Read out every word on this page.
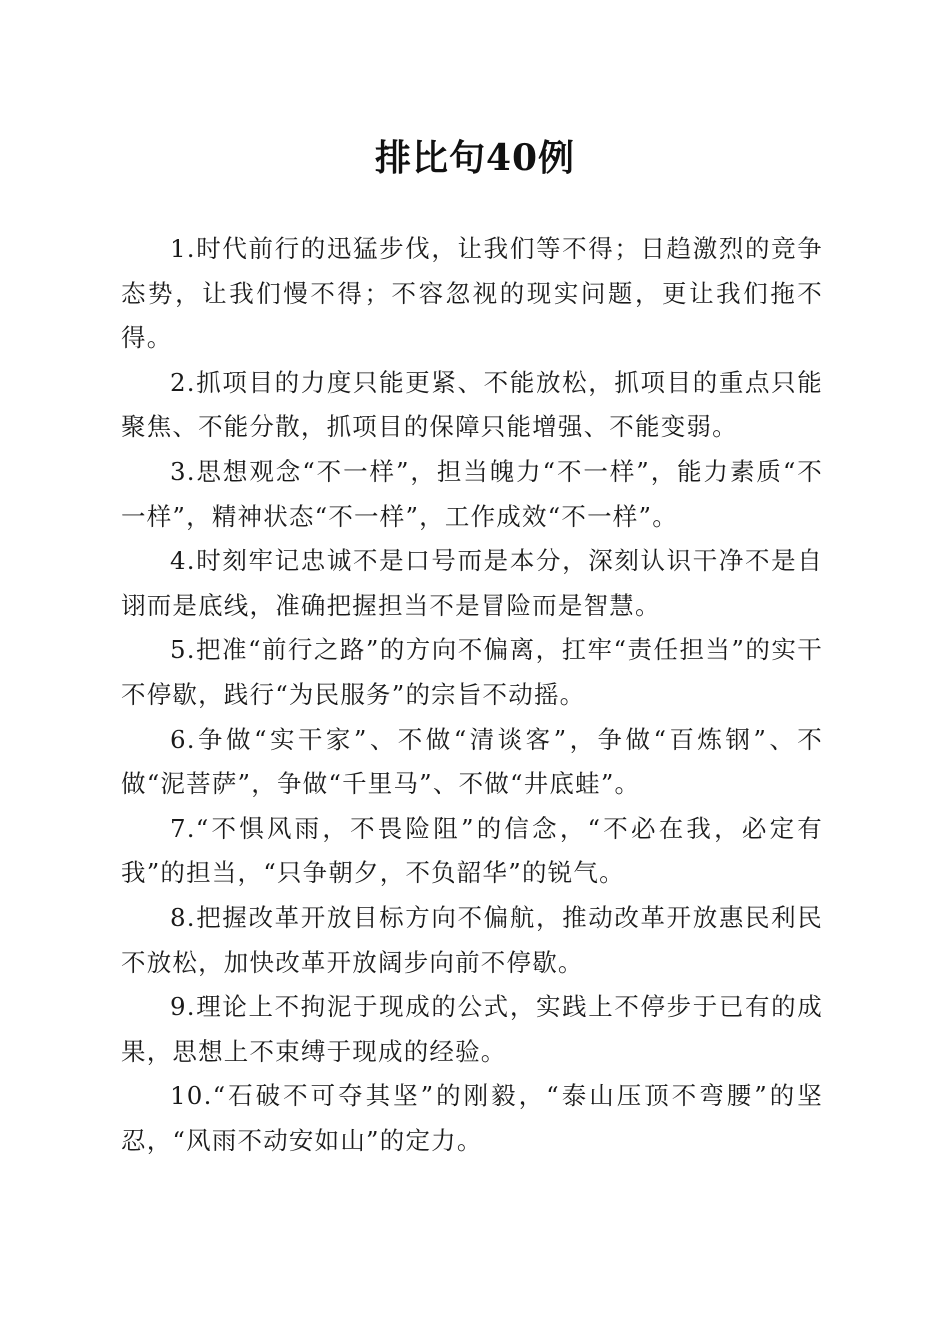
排比句40例

1.时代前行的迅猛步伐，让我们等不得；日趋激烈的竞争态势，让我们慢不得；不容忽视的现实问题，更让我们拖不得。

2.抓项目的力度只能更紧、不能放松，抓项目的重点只能聚焦、不能分散，抓项目的保障只能增强、不能变弱。

3.思想观念“不一样”，担当魄力“不一样”，能力素质“不一样”，精神状态“不一样”，工作成效“不一样”。

4.时刻牢记忠诚不是口号而是本分，深刻认识干净不是自诩而是底线，准确把握担当不是冒险而是智慧。

5.把准“前行之路”的方向不偏离，扛牢“责任担当”的实干不停歇，践行“为民服务”的宗旨不动摇。

6.争做“实干家”、不做“清谈客”，争做“百炼钢”、不做“泥菩萨”，争做“千里马”、不做“井底蛙”。

7.“不惧风雨，不畏险阻”的信念，“不必在我，必定有我”的担当，“只争朝夕，不负韶华”的锐气。

8.把握改革开放目标方向不偏航，推动改革开放惠民利民不放松，加快改革开放阔步向前不停歇。

9.理论上不拘泥于现成的公式，实践上不停步于已有的成果，思想上不束缚于现成的经验。

10.“石破不可夺其坚”的刚毅，“泰山压顶不弯腰”的坚忍，“风雨不动安如山”的定力。
